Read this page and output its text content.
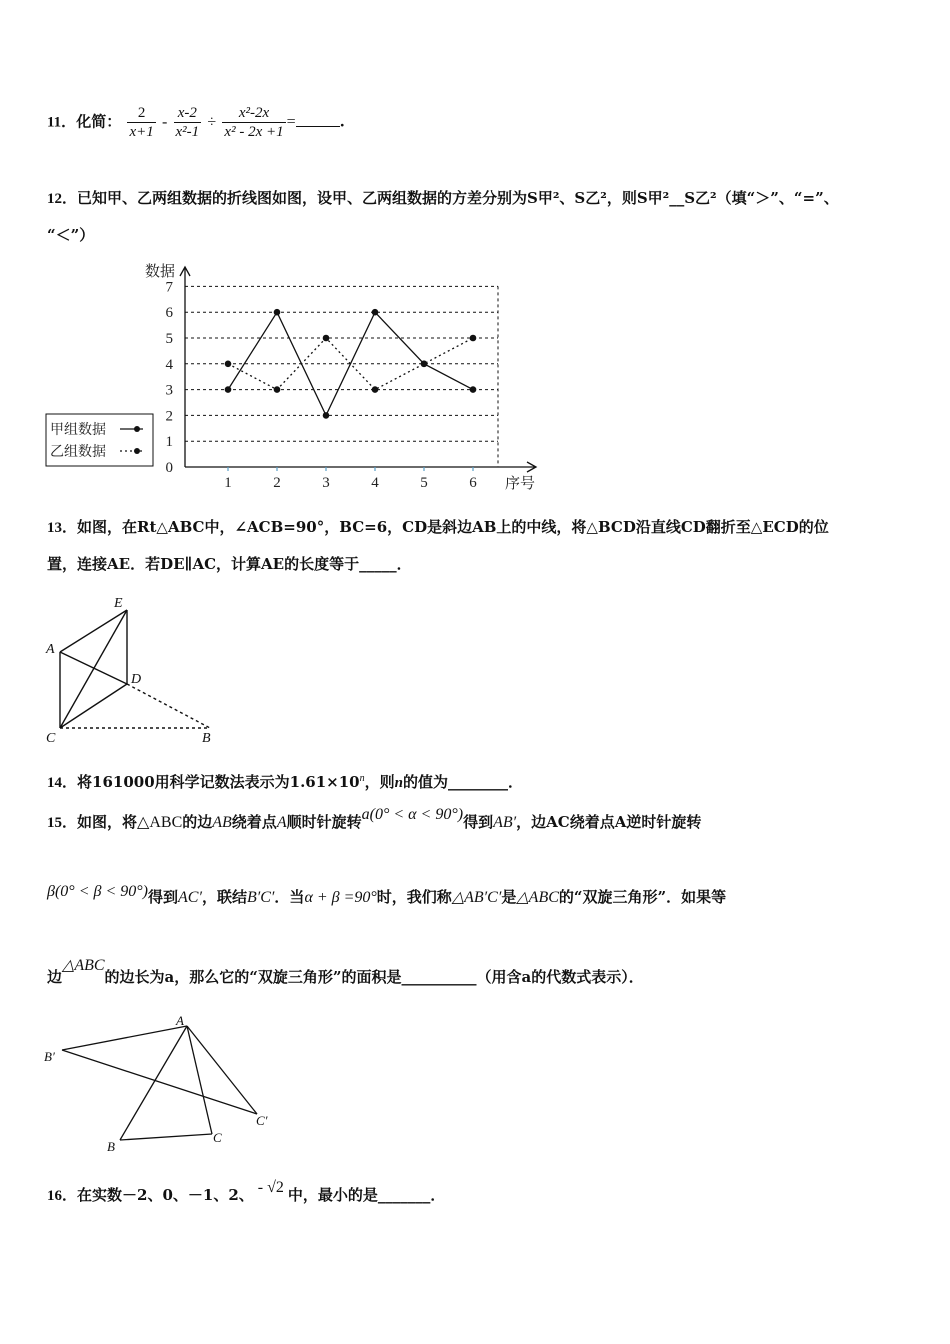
11．化简： $\frac{2}{x+1} - \frac{x-2}{\text{x²-1}} \div \frac{\text{x²-2x}}{\text{x² - 2x +1}}$ =	.
12．已知甲、乙两组数据的折线图如图，设甲、乙两组数据的方差分别为S甲²、S乙²，则S甲²__S乙²（填“＞”、“=”、
“＜”）
0
1
2
3
4
5
6
7
1	2	3	4	5	6
数据
序号
甲组数据
乙组数据
13．如图，在Rt△ABC中，∠ACB=90°，BC=6，CD是斜边AB上的中线，将△BCD沿直线CD翻折至△ECD的位
置，连接AE．若DE∥AC，计算AE的长度等于_____．
E
A
D
C	B
14．将161000用科学记数法表示为$1.61\times 10^n$，则n的值为________．
15．如图，将△ABC的边AB绕着点A顺时针旋转a(0° < α < 90°)得到AB′，边AC绕着点A逆时针旋转
β(0° < β < 90°)得到AC′，联结B′C′．当α + β =90°时，我们称△AB′C′是△ABC的“双旋三角形”．如果等
边△ABC的边长为a，那么它的“双旋三角形”的面积是__________（用含a的代数式表示）．
A
B′
C′
B
C
16．在实数－2、0、－1、2、 - √2 中，最小的是_______．
